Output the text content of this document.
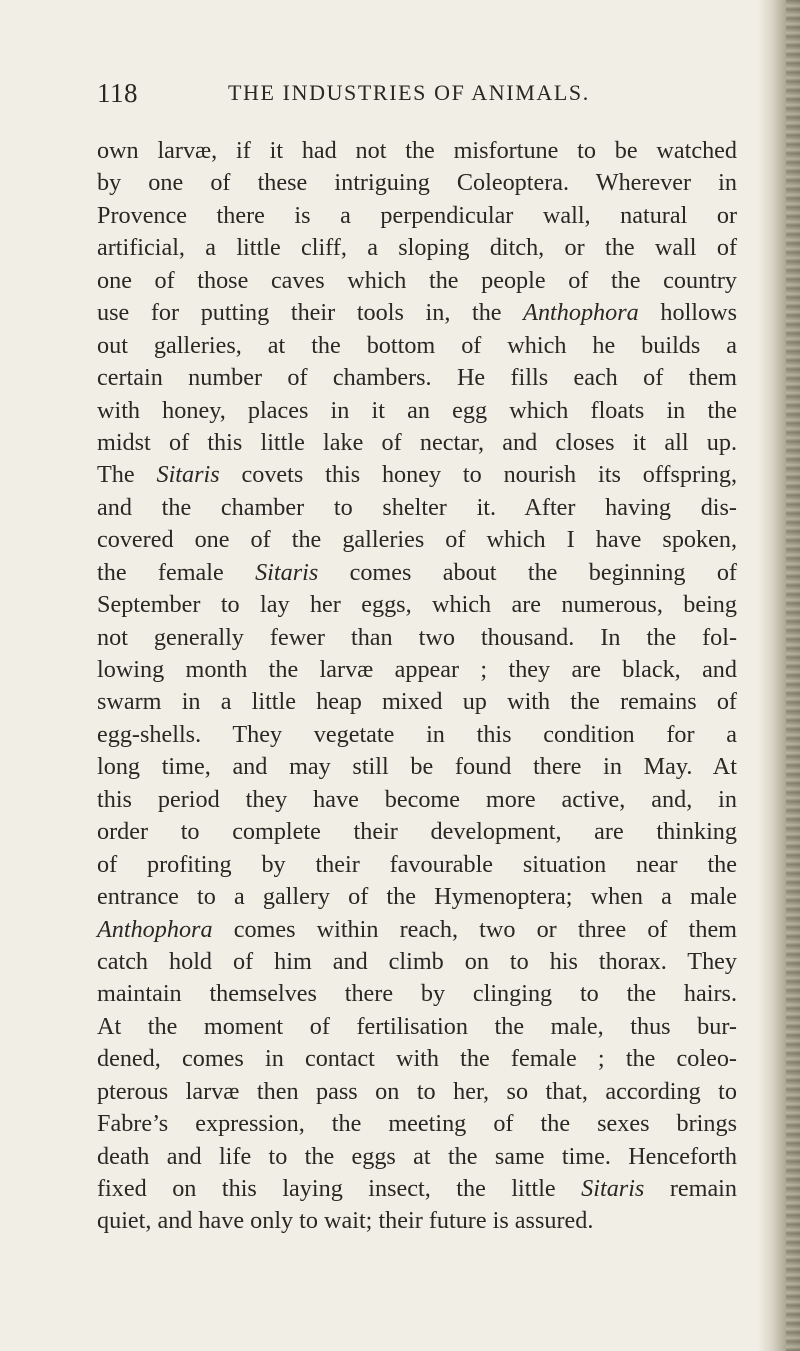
118	THE INDUSTRIES OF ANIMALS.
own larvæ, if it had not the misfortune to be watched
by one of these intriguing Coleoptera. Wherever in
Provence there is a perpendicular wall, natural or
artificial, a little cliff, a sloping ditch, or the wall of
one of those caves which the people of the country
use for putting their tools in, the Anthophora hollows
out galleries, at the bottom of which he builds a
certain number of chambers. He fills each of them
with honey, places in it an egg which floats in the
midst of this little lake of nectar, and closes it all up.
The Sitaris covets this honey to nourish its offspring,
and the chamber to shelter it. After having dis-
covered one of the galleries of which I have spoken,
the female Sitaris comes about the beginning of
September to lay her eggs, which are numerous, being
not generally fewer than two thousand. In the fol-
lowing month the larvæ appear ; they are black, and
swarm in a little heap mixed up with the remains of
egg-shells. They vegetate in this condition for a
long time, and may still be found there in May. At
this period they have become more active, and, in
order to complete their development, are thinking
of profiting by their favourable situation near the
entrance to a gallery of the Hymenoptera; when a male
Anthophora comes within reach, two or three of them
catch hold of him and climb on to his thorax. They
maintain themselves there by clinging to the hairs.
At the moment of fertilisation the male, thus bur-
dened, comes in contact with the female ; the coleo-
pterous larvæ then pass on to her, so that, according to
Fabre’s expression, the meeting of the sexes brings
death and life to the eggs at the same time. Henceforth
fixed on this laying insect, the little Sitaris remain
quiet, and have only to wait; their future is assured.
